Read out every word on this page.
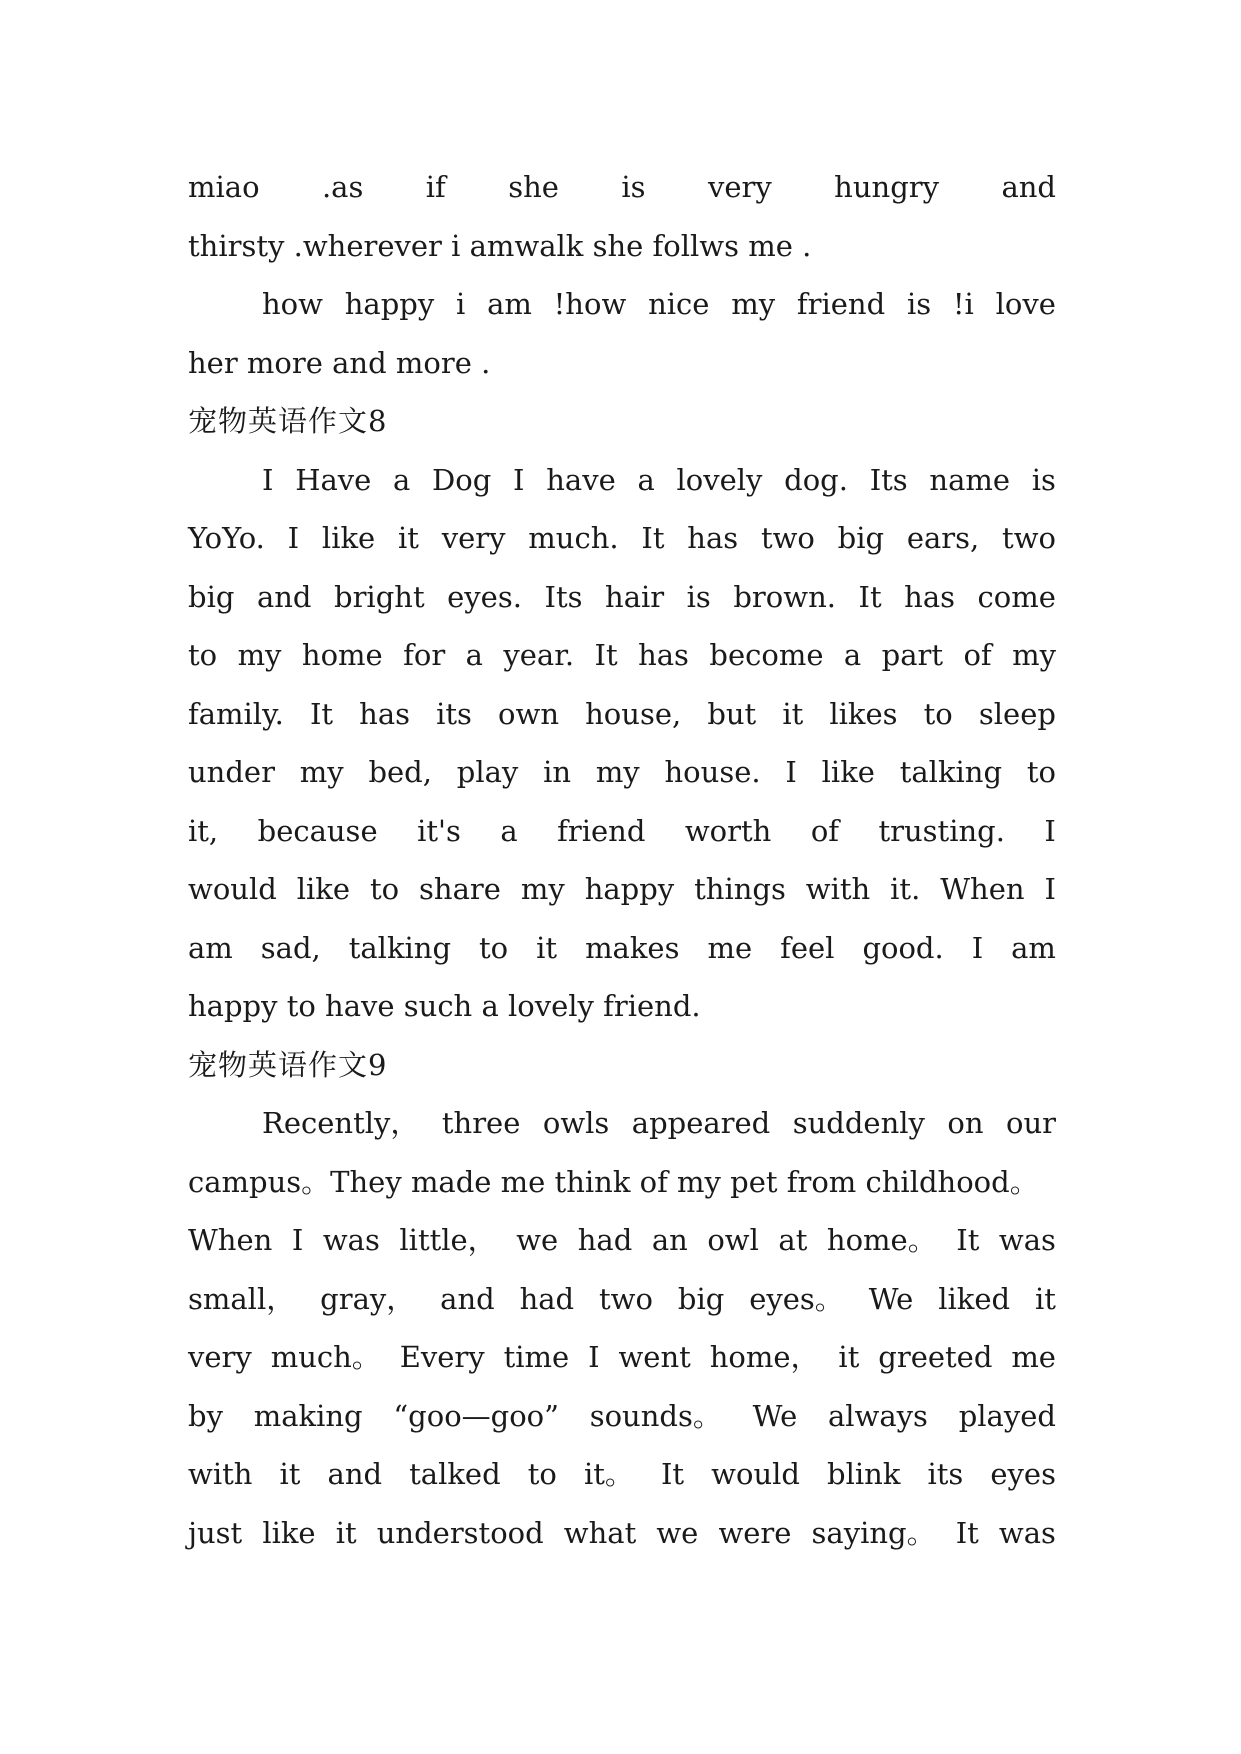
miao .as if she is very hungry and
thirsty .wherever i amwalk she follws me .
how happy i am !how nice my friend is !i love
her more and more .
宠物英语作文8
I Have a Dog I have a lovely dog. Its name is
YoYo. I like it very much. It has two big ears, two
big and bright eyes. Its hair is brown. It has come
to my home for a year. It has become a part of my
family. It has its own house, but it likes to sleep
under my bed, play in my house. I like talking to
it, because it's a friend worth of trusting. I
would like to share my happy things with it. When I
am sad, talking to it makes me feel good. I am
happy to have such a lovely friend.
宠物英语作文9
Recently， three owls appeared suddenly on our
campus。They made me think of my pet from childhood。
When I was little， we had an owl at home。 It was
small， gray， and had two big eyes。 We liked it
very much。 Every time I went home， it greeted me
by making “goo—goo” sounds。 We always played
with it and talked to it。 It would blink its eyes
just like it understood what we were saying。 It was
